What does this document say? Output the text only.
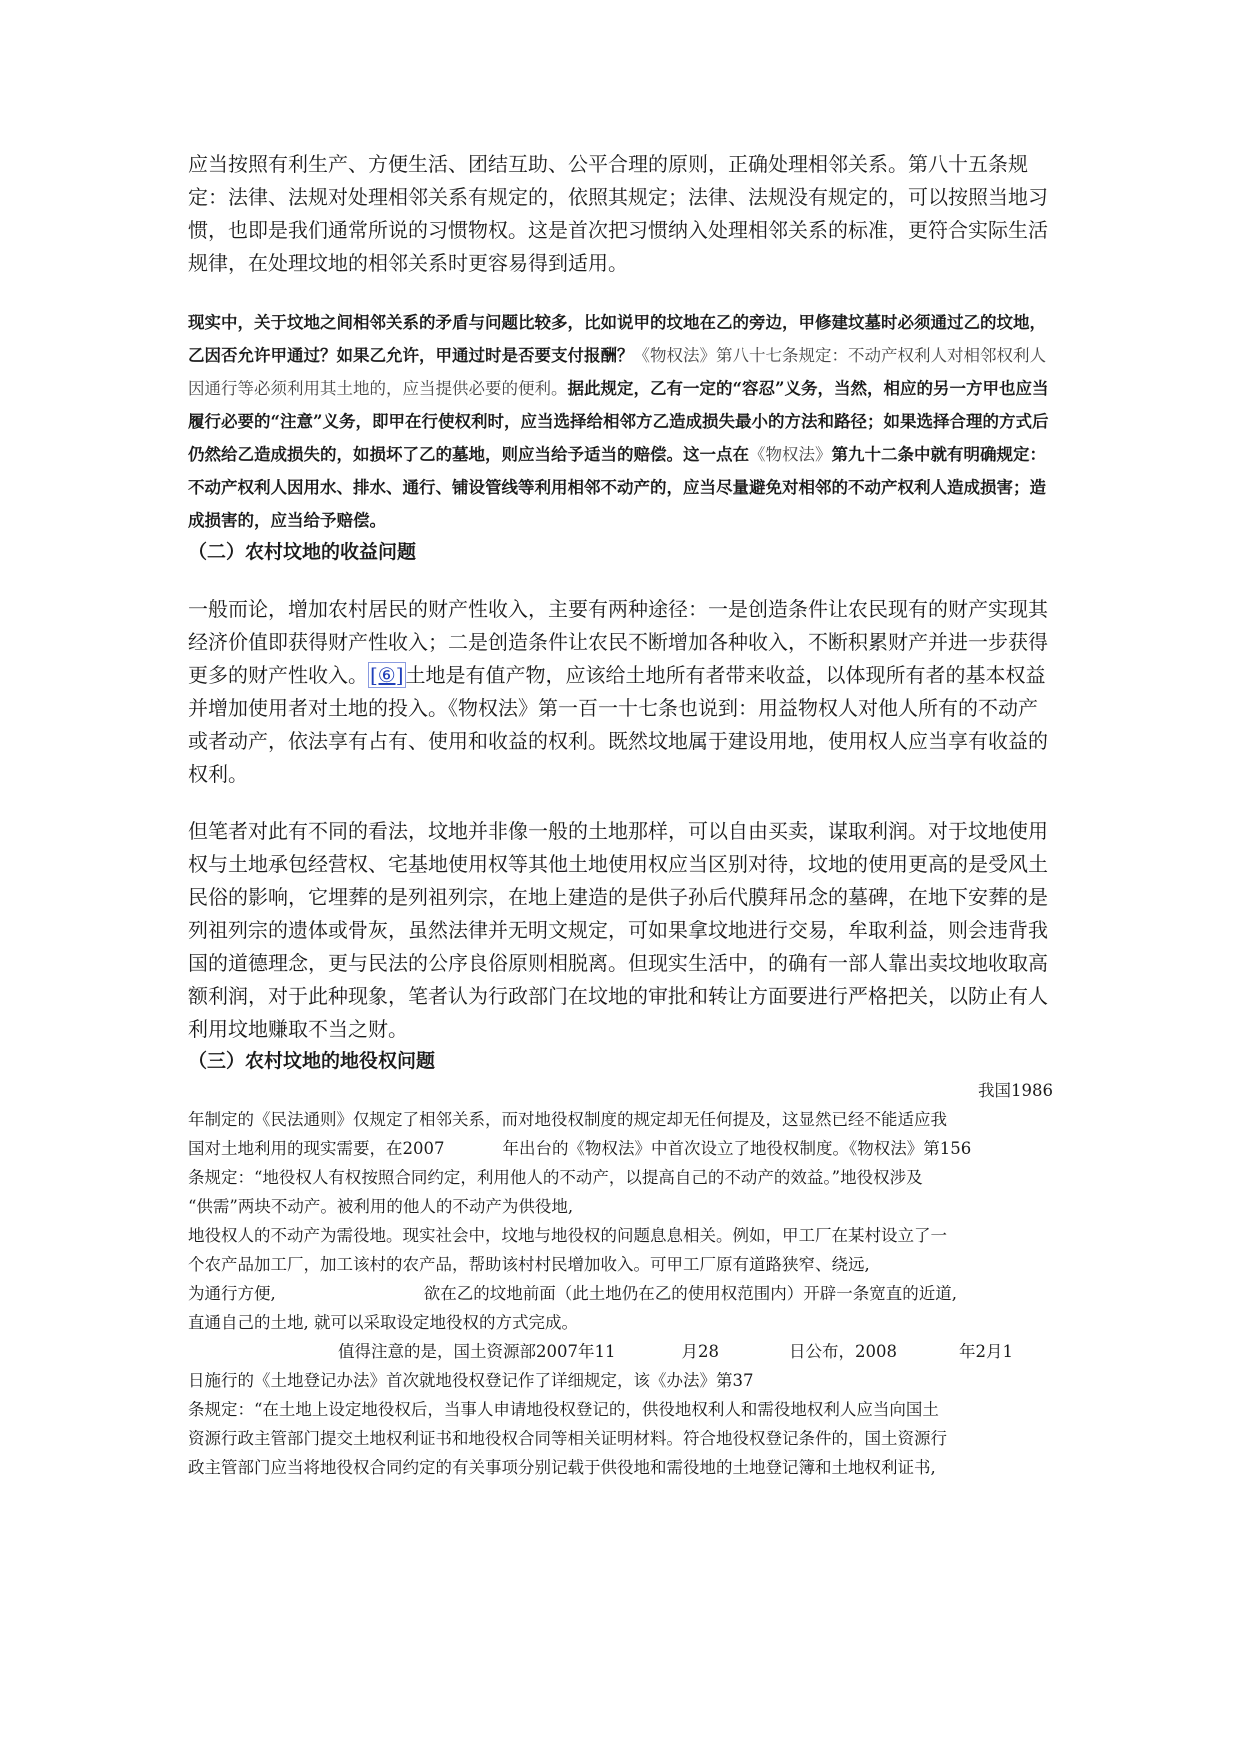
应当按照有利生产、方便生活、团结互助、公平合理的原则，正确处理相邻关系。第八十五条规定：法律、法规对处理相邻关系有规定的，依照其规定；法律、法规没有规定的，可以按照当地习惯，也即是我们通常所说的习惯物权。这是首次把习惯纳入处理相邻关系的标准，更符合实际生活规律，在处理坟地的相邻关系时更容易得到适用。

现实中，关于坟地之间相邻关系的矛盾与问题比较多，比如说甲的坟地在乙的旁边，甲修建坟墓时必须通过乙的坟地，乙因否允许甲通过？如果乙允许，甲通过时是否要支付报酬？《物权法》第八十七条规定：不动产权利人对相邻权利人因通行等必须利用其土地的，应当提供必要的便利。据此规定，乙有一定的“容忍”义务，当然，相应的另一方甲也应当履行必要的“注意”义务，即甲在行使权利时，应当选择给相邻方乙造成损失最小的方法和路径；如果选择合理的方式后仍然给乙造成损失的，如损坏了乙的墓地，则应当给予适当的赔偿。这一点在《物权法》第九十二条中就有明确规定：不动产权利人因用水、排水、通行、铺设管线等利用相邻不动产的，应当尽量避免对相邻的不动产权利人造成损害；造成损害的，应当给予赔偿。

（二）农村坟地的收益问题

一般而论，增加农村居民的财产性收入，主要有两种途径：一是创造条件让农民现有的财产实现其经济价值即获得财产性收入；二是创造条件让农民不断增加各种收入，不断积累财产并进一步获得更多的财产性收入。 [⑥] 土地是有值产物，应该给土地所有者带来收益，以体现所有者的基本权益并增加使用者对土地的投入。《物权法》第一百一十七条也说到：用益物权人对他人所有的不动产或者动产，依法享有占有、使用和收益的权利。既然坟地属于建设用地，使用权人应当享有收益的权利。

但笔者对此有不同的看法，坟地并非像一般的土地那样，可以自由买卖，谋取利润。对于坟地使用权与土地承包经营权、宅基地使用权等其他土地使用权应当区别对待，坟地的使用更高的是受风土民俗的影响，它埋葬的是列祖列宗，在地上建造的是供子孙后代膜拜吊念的墓碑，在地下安葬的是列祖列宗的遗体或骨灰，虽然法律并无明文规定，可如果拿坟地进行交易，牟取利益，则会违背我国的道德理念，更与民法的公序良俗原则相脱离。但现实生活中，的确有一部人靠出卖坟地收取高额利润，对于此种现象，笔者认为行政部门在坟地的审批和转让方面要进行严格把关，以防止有人利用坟地赚取不当之财。

（三）农村坟地的地役权问题

我国1986

年制定的《民法通则》仅规定了相邻关系，而对地役权制度的规定却无任何提及，这显然已经不能适应我

国对土地利用的现实需要，在2007	年出台的《物权法》中首次设立了地役权制度。《物权法》第156

条规定：“地役权人有权按照合同约定，利用他人的不动产，以提高自己的不动产的效益。”地役权涉及

“供需”两块不动产。被利用的他人的不动产为供役地,

地役权人的不动产为需役地。现实社会中，坟地与地役权的问题息息相关。例如，甲工厂在某村设立了一

个农产品加工厂，加工该村的农产品，帮助该村村民增加收入。可甲工厂原有道路狭窄、绕远,

为通行方便,	欲在乙的坟地前面（此土地仍在乙的使用权范围内）开辟一条宽直的近道,

直通自己的土地, 就可以采取设定地役权的方式完成。

值得注意的是，国土资源部2007年11	月28	日公布，2008	年2月1

日施行的《土地登记办法》首次就地役权登记作了详细规定，该《办法》第37

条规定：“在土地上设定地役权后，当事人申请地役权登记的，供役地权利人和需役地权利人应当向国土

资源行政主管部门提交土地权利证书和地役权合同等相关证明材料。符合地役权登记条件的，国土资源行

政主管部门应当将地役权合同约定的有关事项分别记载于供役地和需役地的土地登记簿和土地权利证书,
